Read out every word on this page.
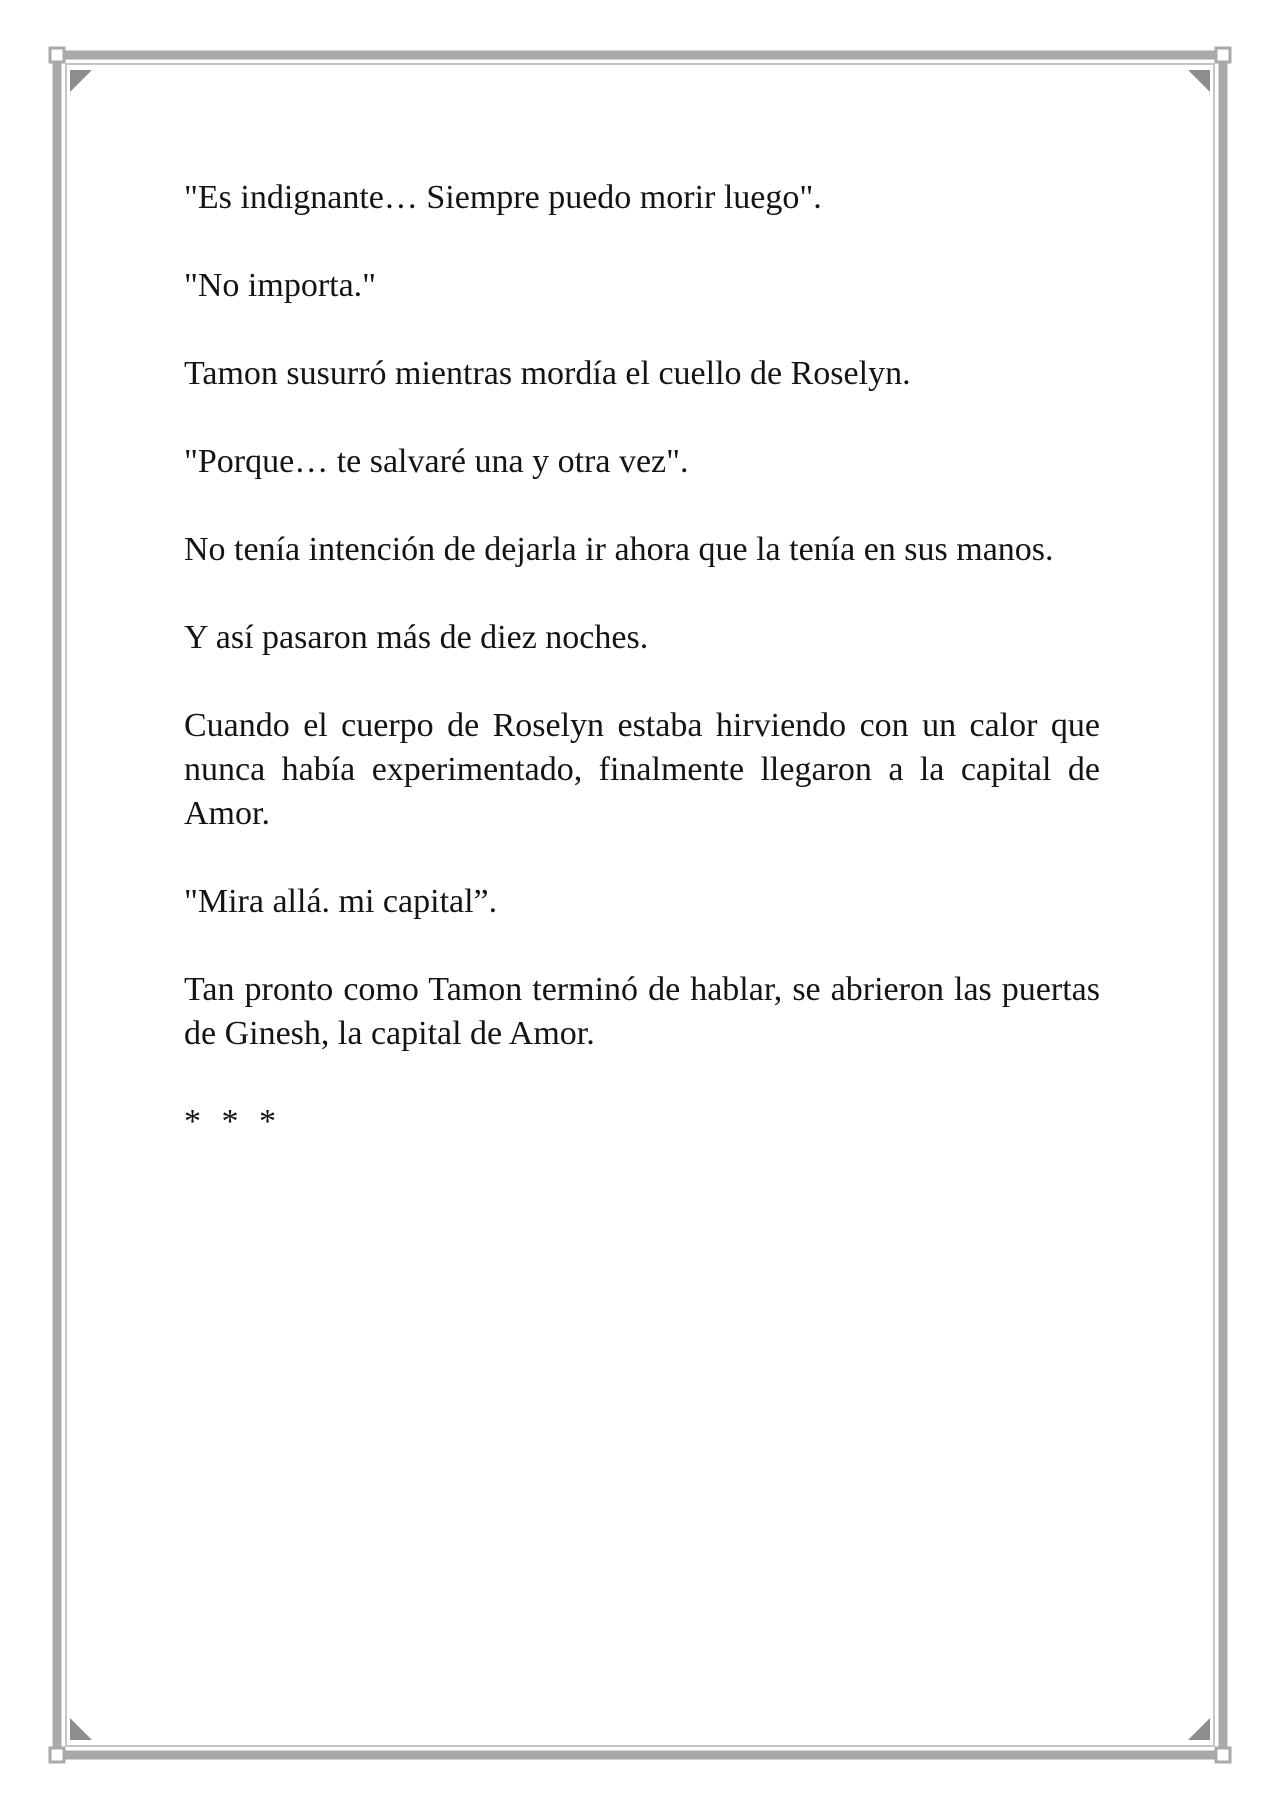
"Es indignante… Siempre puedo morir luego".

"No importa."

Tamon susurró mientras mordía el cuello de Roselyn.

"Porque… te salvaré una y otra vez".

No tenía intención de dejarla ir ahora que la tenía en sus manos.

Y así pasaron más de diez noches.

Cuando el cuerpo de Roselyn estaba hirviendo con un calor que nunca había experimentado, finalmente llegaron a la capital de Amor.

"Mira allá. mi capital”.

Tan pronto como Tamon terminó de hablar, se abrieron las puertas de Ginesh, la capital de Amor.

* * *
